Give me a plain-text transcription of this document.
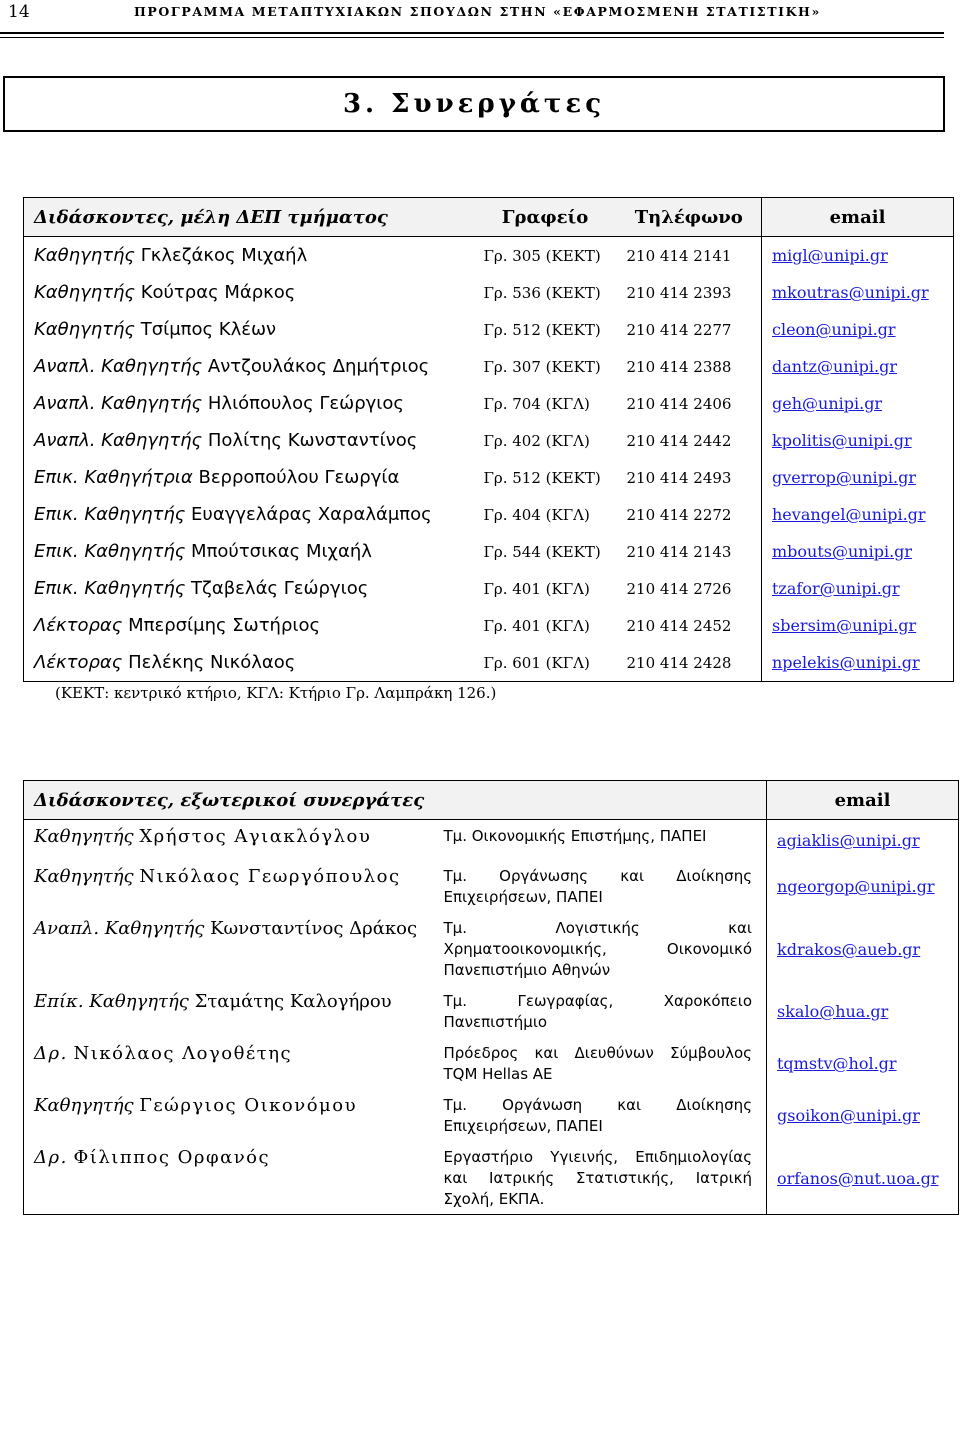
14	ΠΡΟΓΡΑΜΜΑ ΜΕΤΑΠΤΥΧΙΑΚΩΝ ΣΠΟΥΔΩΝ ΣΤΗΝ «ΕΦΑΡΜΟΣΜΕΝΗ ΣΤΑΤΙΣΤΙΚΗ»
3. Συνεργάτες
Διδάσκοντες, μέλη ΔΕΠ τμήματος	Γραφείο	Τηλέφωνο	email
Καθηγητής Γκλεζάκος Μιχαήλ	Γρ. 305 (ΚΕΚΤ)	210 414 2141	migl@unipi.gr
Καθηγητής Κούτρας Μάρκος	Γρ. 536 (ΚΕΚΤ)	210 414 2393	mkoutras@unipi.gr
Καθηγητής Τσίμπος Κλέων	Γρ. 512 (ΚΕΚΤ)	210 414 2277	cleon@unipi.gr
Αναπλ. Καθηγητής Αντζουλάκος Δημήτριος	Γρ. 307 (ΚΕΚΤ)	210 414 2388	dantz@unipi.gr
Αναπλ. Καθηγητής Ηλιόπουλος Γεώργιος	Γρ. 704 (ΚΓΛ)	210 414 2406	geh@unipi.gr
Αναπλ. Καθηγητής Πολίτης Κωνσταντίνος	Γρ. 402 (ΚΓΛ)	210 414 2442	kpolitis@unipi.gr
Επικ. Καθηγήτρια Βερροπούλου Γεωργία	Γρ. 512 (ΚΕΚΤ)	210 414 2493	gverrop@unipi.gr
Επικ. Καθηγητής Ευαγγελάρας Χαραλάμπος	Γρ. 404 (ΚΓΛ)	210 414 2272	hevangel@unipi.gr
Επικ. Καθηγητής Μπούτσικας Μιχαήλ	Γρ. 544 (ΚΕΚΤ)	210 414 2143	mbouts@unipi.gr
Επικ. Καθηγητής Τζαβελάς Γεώργιος	Γρ. 401 (ΚΓΛ)	210 414 2726	tzafor@unipi.gr
Λέκτορας Μπερσίμης Σωτήριος	Γρ. 401 (ΚΓΛ)	210 414 2452	sbersim@unipi.gr
Λέκτορας Πελέκης Νικόλαος	Γρ. 601 (ΚΓΛ)	210 414 2428	npelekis@unipi.gr
(ΚΕΚΤ: κεντρικό κτήριο, ΚΓΛ: Κτήριο Γρ. Λαμπράκη 126.)
Διδάσκοντες, εξωτερικοί συνεργάτες		email
Καθηγητής Χρήστος Αγιακλόγλου	Τμ. Οικονομικής Επιστήμης, ΠΑΠΕΙ	agiaklis@unipi.gr
Καθηγητής Νικόλαος Γεωργόπουλος	Τμ. Οργάνωσης και Διοίκησης Επιχειρήσεων, ΠΑΠΕΙ	ngeorgop@unipi.gr
Αναπλ. Καθηγητής Κωνσταντίνος Δράκος	Τμ. Λογιστικής και Χρηματοοικονομικής, Οικονομικό Πανεπιστήμιο Αθηνών	kdrakos@aueb.gr
Επίκ. Καθηγητής Σταμάτης Καλογήρου	Τμ. Γεωγραφίας, Χαροκόπειο Πανεπιστήμιο	skalo@hua.gr
Δρ. Νικόλαος Λογοθέτης	Πρόεδρος και Διευθύνων Σύμβουλος TQM Hellas AE	tqmstv@hol.gr
Καθηγητής Γεώργιος Οικονόμου	Τμ. Οργάνωση και Διοίκησης Επιχειρήσεων, ΠΑΠΕΙ	gsoikon@unipi.gr
Δρ. Φίλιππος Ορφανός	Εργαστήριο Υγιεινής, Επιδημιολογίας και Ιατρικής Στατιστικής, Ιατρική Σχολή, ΕΚΠΑ.	orfanos@nut.uoa.gr
